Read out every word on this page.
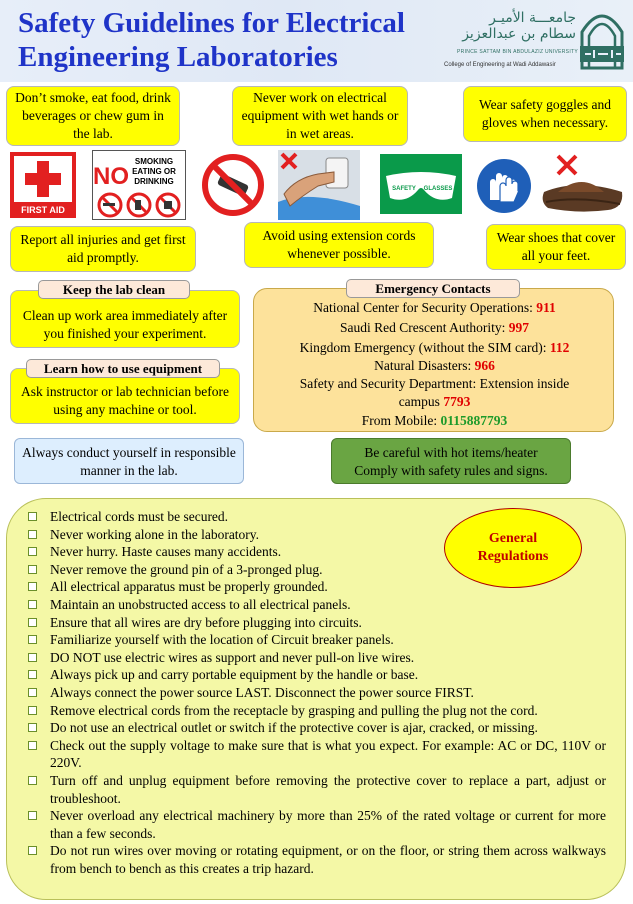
Safety Guidelines for Electrical Engineering Laboratories
جامعـــة الأميـر
سطام بن عبدالعزيز
PRINCE SATTAM BIN ABDULAZIZ UNIVERSITY
College of Engineering at Wadi Addawasir
Don’t smoke, eat food, drink beverages or chew gum in the lab.
Never work on electrical equipment with wet hands or in wet areas.
Wear safety goggles and gloves when necessary.
FIRST AID
NO
SMOKING
EATING OR
DRINKING
SAFETY GLASSES
Report all injuries and get first aid promptly.
Avoid using extension cords whenever possible.
Wear shoes that cover all your feet.
Clean up work area immediately after you finished your experiment.
Keep the lab clean
Ask instructor or lab technician before using any machine or tool.
Learn how to use equipment
National Center for Security Operations: 911
Saudi Red Crescent Authority: 997
Kingdom Emergency (without the SIM card): 112
Natural Disasters: 966
Safety and Security Department: Extension inside
campus 7793
From Mobile: 0115887793
Emergency Contacts
Always conduct yourself in responsible manner in the lab.
Be careful with hot items/heater
Comply with safety rules and signs.
Electrical cords must be secured.
Never working alone in the laboratory.
Never hurry. Haste causes many accidents.
Never remove the ground pin of a 3-pronged plug.
All electrical apparatus must be properly grounded.
Maintain an unobstructed access to all electrical panels.
Ensure that all wires are dry before plugging into circuits.
Familiarize yourself with the location of Circuit breaker panels.
DO NOT use electric wires as support and never pull-on live wires.
Always pick up and carry portable equipment by the handle or base.
Always connect the power source LAST. Disconnect the power source FIRST.
Remove electrical cords from the receptacle by grasping and pulling the plug not the cord.
Do not use an electrical outlet or switch if the protective cover is ajar, cracked, or missing.
Check out the supply voltage to make sure that is what you expect. For example: AC or DC, 110V or 220V.
Turn off and unplug equipment before removing the protective cover to replace a part, adjust or troubleshoot.
Never overload any electrical machinery by more than 25% of the rated voltage or current for more than a few seconds.
Do not run wires over moving or rotating equipment, or on the floor, or string them across walkways from bench to bench as this creates a trip hazard.
General
Regulations
